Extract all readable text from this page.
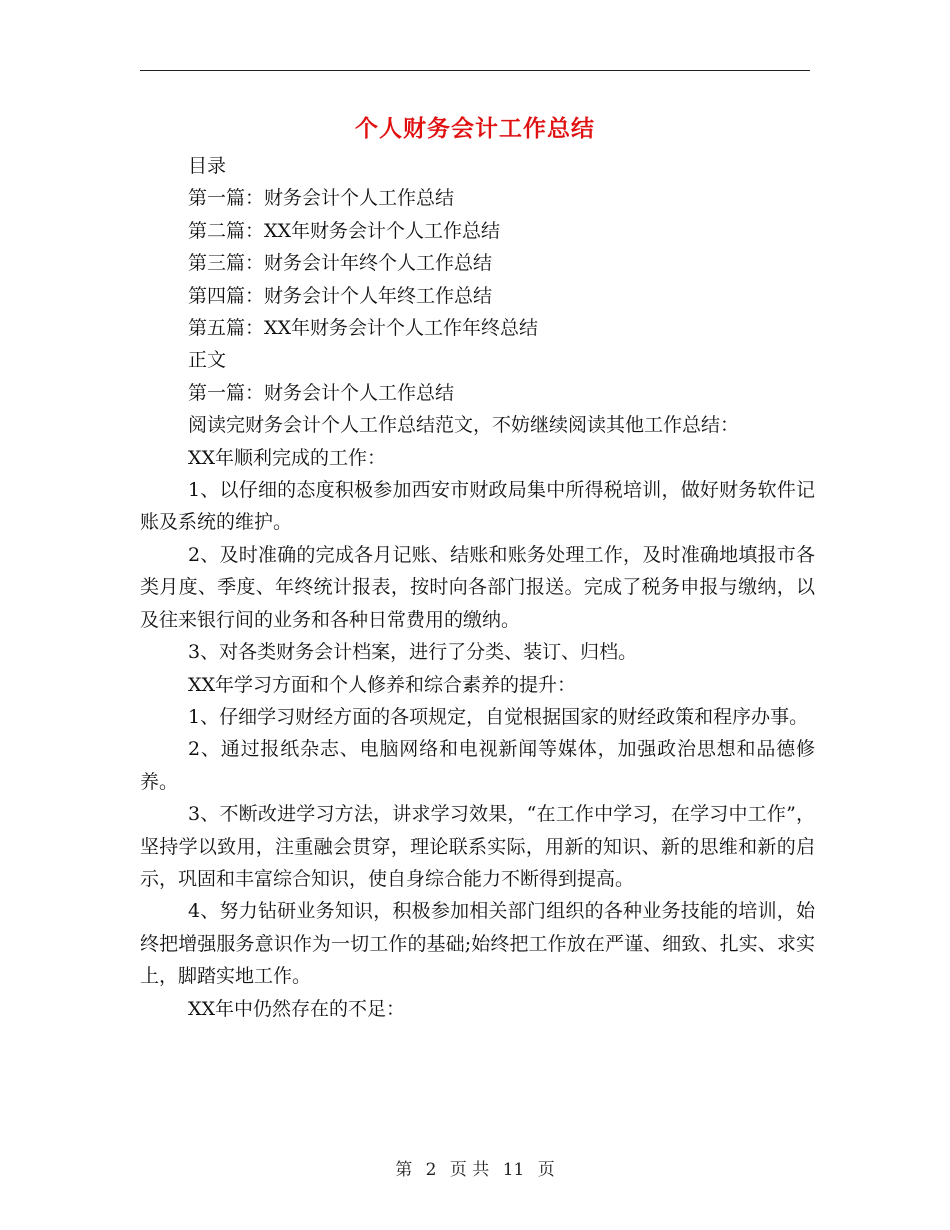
个人财务会计工作总结
目录
第一篇：财务会计个人工作总结
第二篇：XX年财务会计个人工作总结
第三篇：财务会计年终个人工作总结
第四篇：财务会计个人年终工作总结
第五篇：XX年财务会计个人工作年终总结
正文
第一篇：财务会计个人工作总结
阅读完财务会计个人工作总结范文，不妨继续阅读其他工作总结：
XX年顺利完成的工作：
1、以仔细的态度积极参加西安市财政局集中所得税培训，做好财务软件记账及系统的维护。
2、及时准确的完成各月记账、结账和账务处理工作，及时准确地填报市各类月度、季度、年终统计报表，按时向各部门报送。完成了税务申报与缴纳，以及往来银行间的业务和各种日常费用的缴纳。
3、对各类财务会计档案，进行了分类、装订、归档。
XX年学习方面和个人修养和综合素养的提升：
1、仔细学习财经方面的各项规定，自觉根据国家的财经政策和程序办事。
2、通过报纸杂志、电脑网络和电视新闻等媒体，加强政治思想和品德修养。
3、不断改进学习方法，讲求学习效果，“在工作中学习，在学习中工作”，坚持学以致用，注重融会贯穿，理论联系实际，用新的知识、新的思维和新的启示，巩固和丰富综合知识，使自身综合能力不断得到提高。
4、努力钻研业务知识，积极参加相关部门组织的各种业务技能的培训，始终把增强服务意识作为一切工作的基础;始终把工作放在严谨、细致、扎实、求实上，脚踏实地工作。
XX年中仍然存在的不足：
第 2 页 共 11 页
